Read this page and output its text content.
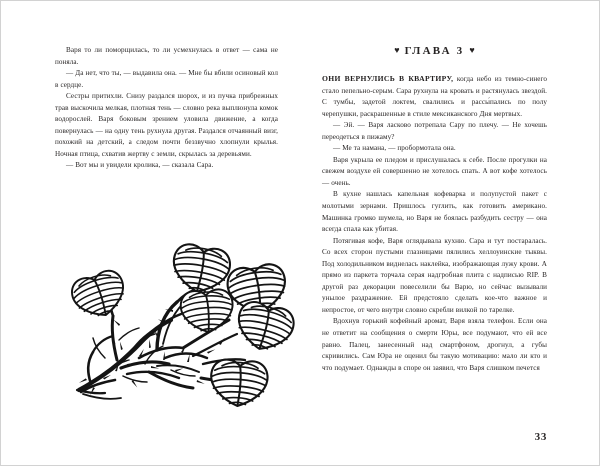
Варя то ли поморщилась, то ли усмехнулась в ответ — сама не поняла.

— Да нет, что ты, — выдавила она. — Мне бы вбили осиновый кол в сердце.

Сестры притихли. Снизу раздался шорох, и из пучка прибрежных трав выскочила мелкая, плотная тень — словно река выплюнула комок водорослей. Варя боковым зрением уловила движение, а когда повернулась — на одну тень рухнула другая. Раздался отчаянный визг, похожий на детский, а следом почти беззвучно хлопнули крылья. Ночная птица, схватив жертву с земли, скрылась за деревьями.

— Вот мы и увидели кролика, — сказала Сара.

♥ ГЛАВА 3 ♥

ОНИ ВЕРНУЛИСЬ В КВАРТИРУ, когда небо из темно-синего стало пепельно-серым. Сара рухнула на кровать и растянулась звездой. С тумбы, задетой локтем, свалились и рассы́пались по полу черепушки, раскрашенные в стиле мексиканского Дня мертвых.

— Эй. — Варя ласково потрепала Сару по плечу. — Не хочешь переодеться в пижаму?

— Ме та намана, — пробормотала она.

Варя укрыла ее пледом и прислушалась к себе. После прогулки на свежем воздухе ей совершенно не хотелось спать. А вот кофе хотелось — очень.

В кухне нашлась капельная кофеварка и полупустой пакет с молотыми зернами. Пришлось гуглить, как готовить американо. Машинка громко шумела, но Варя не боялась разбудить сестру — она всегда спала как убитая.

Потягивая кофе, Варя оглядывала кухню. Сара и тут постаралась. Со всех сторон пустыми глазницами пялились хеллоуинские тыквы. Под холодильником виднелась наклейка, изображающая лужу крови. А прямо из паркета торчала серая надгробная плита с надписью RIP. В другой раз декорации повеселили бы Варю, но сейчас вызывали унылое раздражение. Ей предстояло сделать кое-что важное и непростое, от чего внутри словно скребли вилкой по тарелке.

Вдохнув горький кофейный аромат, Варя взяла телефон. Если она не ответит на сообщения о смерти Юры, все подумают, что ей все равно. Палец, занесенный над смартфоном, дрогнул, а губы скривились. Сам Юра не оценил бы такую мотивацию: мало ли кто и что подумает. Однажды в споре он заявил, что Варя слишком печется

33
